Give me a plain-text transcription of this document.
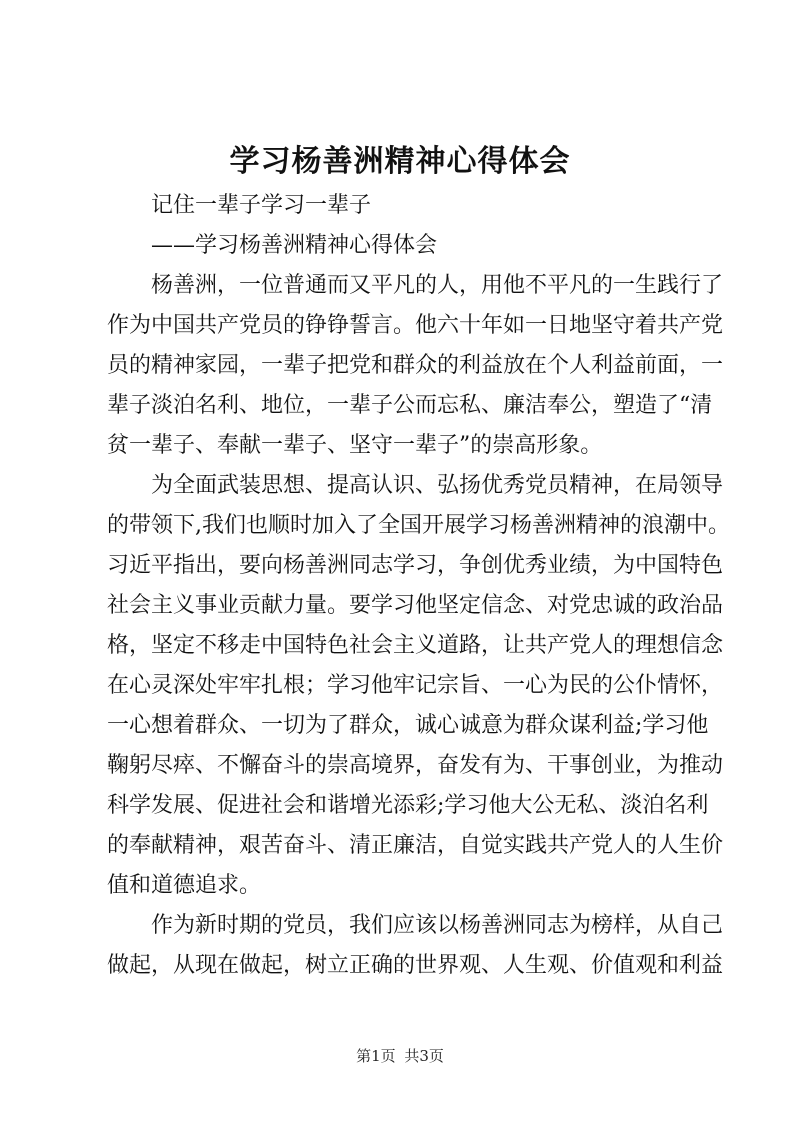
学习杨善洲精神心得体会

记住一辈子学习一辈子

——学习杨善洲精神心得体会

杨善洲，一位普通而又平凡的人，用他不平凡的一生践行了

作为中国共产党员的铮铮誓言。他六十年如一日地坚守着共产党

员的精神家园，一辈子把党和群众的利益放在个人利益前面，一

辈子淡泊名利、地位，一辈子公而忘私、廉洁奉公，塑造了“清

贫一辈子、奉献一辈子、坚守一辈子”的崇高形象。

为全面武装思想、提高认识、弘扬优秀党员精神，在局领导

的带领下,我们也顺时加入了全国开展学习杨善洲精神的浪潮中。

习近平指出，要向杨善洲同志学习，争创优秀业绩，为中国特色

社会主义事业贡献力量。要学习他坚定信念、对党忠诚的政治品

格，坚定不移走中国特色社会主义道路，让共产党人的理想信念

在心灵深处牢牢扎根；学习他牢记宗旨、一心为民的公仆情怀，

一心想着群众、一切为了群众，诚心诚意为群众谋利益;学习他

鞠躬尽瘁、不懈奋斗的崇高境界，奋发有为、干事创业，为推动

科学发展、促进社会和谐增光添彩;学习他大公无私、淡泊名利

的奉献精神，艰苦奋斗、清正廉洁，自觉实践共产党人的人生价

值和道德追求。

作为新时期的党员，我们应该以杨善洲同志为榜样，从自己

做起，从现在做起，树立正确的世界观、人生观、价值观和利益

第1页 共3页
